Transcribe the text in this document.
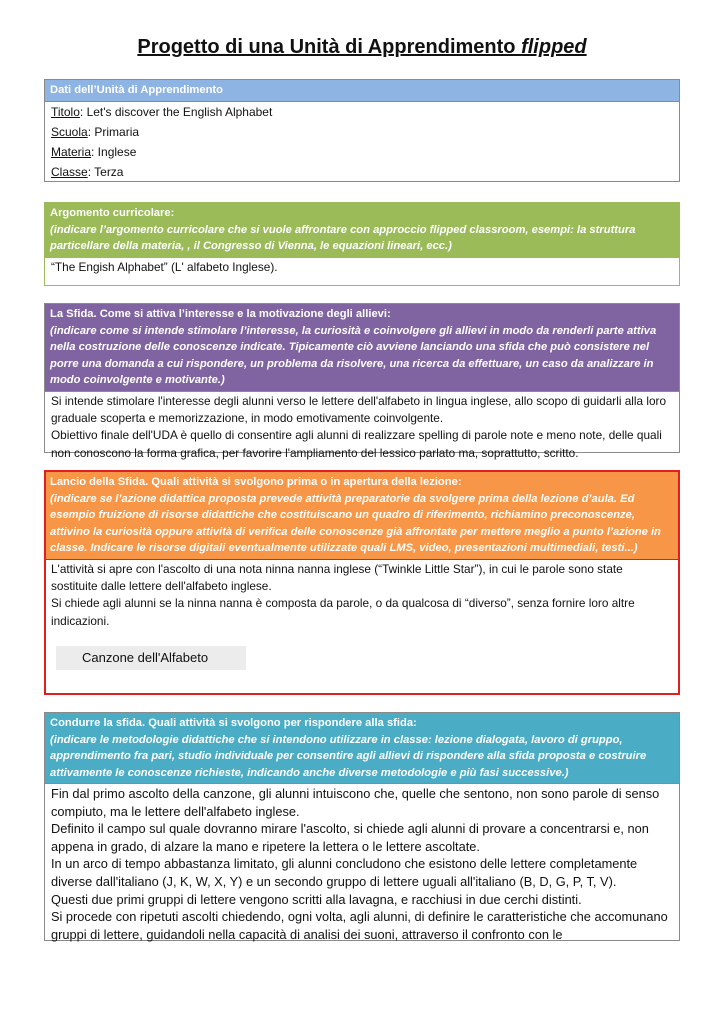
Progetto di una Unità di Apprendimento flipped
Dati dell’Unità di Apprendimento

Titolo: Let's discover the English Alphabet

Scuola: Primaria

Materia: Inglese

Classe: Terza

Argomento curricolare:
(indicare l’argomento curricolare che si vuole affrontare con approccio flipped classroom, esempi: la struttura particellare della materia, , il Congresso di Vienna, le equazioni lineari, ecc.)

“The Engish Alphabet” (L' alfabeto Inglese).

La Sfida. Come si attiva l’interesse e la motivazione degli allievi:
(indicare come si intende stimolare l’interesse, la curiosità e coinvolgere gli allievi in modo da renderli parte attiva nella costruzione delle conoscenze indicate. Tipicamente ciò avviene lanciando una sfida che può consistere nel porre una domanda a cui rispondere, un problema da risolvere, una ricerca da effettuare, un caso da analizzare in modo coinvolgente e motivante.)

Si intende stimolare l'interesse degli alunni verso le lettere dell'alfabeto in lingua inglese, allo scopo di guidarli alla loro graduale scoperta e memorizzazione, in modo emotivamente coinvolgente.

Obiettivo finale dell'UDA è quello di consentire agli alunni di realizzare spelling di parole note e meno note, delle quali non conoscono la forma grafica, per favorire l'ampliamento del lessico parlato ma, soprattutto, scritto.

Lancio della Sfida. Quali attività si svolgono prima o in apertura della lezione:
(indicare se l’azione didattica proposta prevede attività preparatorie da svolgere prima della lezione d’aula. Ed esempio fruizione di risorse didattiche che costituiscano un quadro di riferimento, richiamino preconoscenze, attivino la curiosità oppure attività di verifica delle conoscenze già affrontate per mettere meglio a punto l’azione in classe. Indicare le risorse digitali eventualmente utilizzate quali LMS, video, presentazioni multimediali, testi...)

L'attività si apre con l'ascolto di una nota ninna nanna inglese (“Twinkle Little Star”), in cui le parole sono state sostituite dalle lettere dell'alfabeto inglese.

Si chiede agli alunni se la ninna nanna è composta da parole, o da qualcosa di “diverso”, senza fornire loro altre indicazioni.

Canzone dell'Alfabeto
Condurre la sfida. Quali attività si svolgono per rispondere alla sfida:
(indicare le metodologie didattiche che si intendono utilizzare in classe: lezione dialogata, lavoro di gruppo, apprendimento fra pari, studio individuale per consentire agli allievi di rispondere alla sfida proposta e costruire attivamente le conoscenze richieste, indicando anche diverse metodologie e più fasi successive.)

Fin dal primo ascolto della canzone, gli alunni intuiscono che, quelle che sentono, non sono parole di senso compiuto, ma le lettere dell'alfabeto inglese.

Definito il campo sul quale dovranno mirare l'ascolto, si chiede agli alunni di provare a concentrarsi e, non appena in grado, di alzare la mano e ripetere la lettera o le lettere ascoltate.

In un arco di tempo abbastanza limitato, gli alunni concludono che esistono delle lettere completamente diverse dall'italiano (J, K, W, X, Y) e un secondo gruppo di lettere uguali all'italiano (B, D, G, P, T, V).

Questi due primi gruppi di lettere vengono scritti alla lavagna, e racchiusi in due cerchi distinti.

Si procede con ripetuti ascolti chiedendo, ogni volta, agli alunni, di definire le caratteristiche che accomunano gruppi di lettere, guidandoli nella capacità di analisi dei suoni, attraverso il confronto con le
